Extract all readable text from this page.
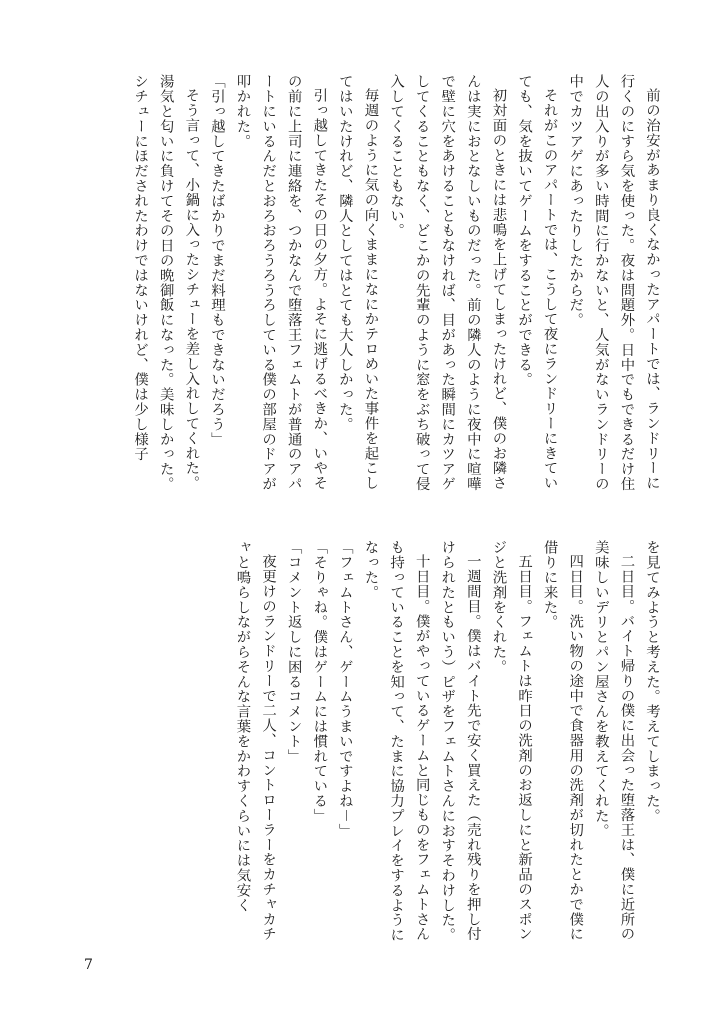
前の治安があまり良くなかったアパートでは、ランドリーに行くのにすら気を使った。夜は問題外。日中でもできるだけ住人の出入りが多い時間に行かないと、人気がないランドリーの中でカツアゲにあったりしたからだ。

それがこのアパートでは、こうして夜にランドリーにきていても、気を抜いてゲームをすることができる。

初対面のときには悲鳴を上げてしまったけれど、僕のお隣さんは実におとなしいものだった。前の隣人のように夜中に喧嘩で壁に穴をあけることもなければ、目があった瞬間にカツアゲしてくることもなく、どこかの先輩のように窓をぶち破って侵入してくることもない。

毎週のように気の向くままになにかテロめいた事件を起こしてはいたけれど、隣人としてはとても大人しかった。

引っ越してきたその日の夕方。よそに逃げるべきか、いやその前に上司に連絡を、つかなんで堕落王フェムトが普通のアパートにいるんだとおろおろうろうろしている僕の部屋のドアが叩かれた。

「引っ越してきたばかりでまだ料理もできないだろう」

そう言って、小鍋に入ったシチューを差し入れしてくれた。湯気と匂いに負けてその日の晩御飯になった。美味しかった。シチューにほだされたわけではないけれど、僕は少し様子

を見てみようと考えた。考えてしまった。

二日目。バイト帰りの僕に出会った堕落王は、僕に近所の美味しいデリとパン屋さんを教えてくれた。

四日目。洗い物の途中で食器用の洗剤が切れたとかで僕に借りに来た。

五日目。フェムトは昨日の洗剤のお返しにと新品のスポンジと洗剤をくれた。

一週間目。僕はバイト先で安く買えた（売れ残りを押し付けられたともいう）ピザをフェムトさんにおすそわけした。

十日目。僕がやっているゲームと同じものをフェムトさんも持っていることを知って、たまに協力プレイをするようになった。

「フェムトさん、ゲームうまいですよね－」

「そりゃね。僕はゲームには慣れている」

「コメント返しに困るコメント」

夜更けのランドリーで二人、コントローラーをカチャカチャと鳴らしながらそんな言葉をかわすくらいには気安く

7
